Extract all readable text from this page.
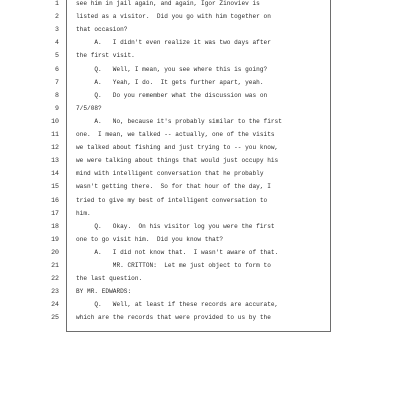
1	see him in jail again, and again, Igor Zinoviev is
2	listed as a visitor.  Did you go with him together on
3	that occasion?
4	A.   I didn't even realize it was two days after
5	the first visit.
6	Q.   Well, I mean, you see where this is going?
7	A.   Yeah, I do.  It gets further apart, yeah.
8	Q.   Do you remember what the discussion was on
9	7/5/08?
10	A.   No, because it's probably similar to the first
11	one.  I mean, we talked -- actually, one of the visits
12	we talked about fishing and just trying to -- you know,
13	we were talking about things that would just occupy his
14	mind with intelligent conversation that he probably
15	wasn't getting there.  So for that hour of the day, I
16	tried to give my best of intelligent conversation to
17	him.
18	Q.   Okay.  On his visitor log you were the first
19	one to go visit him.  Did you know that?
20	A.   I did not know that.  I wasn't aware of that.
21	MR. CRITTON:  Let me just object to form to
22	the last question.
23	BY MR. EDWARDS:
24	Q.   Well, at least if these records are accurate,
25	which are the records that were provided to us by the
